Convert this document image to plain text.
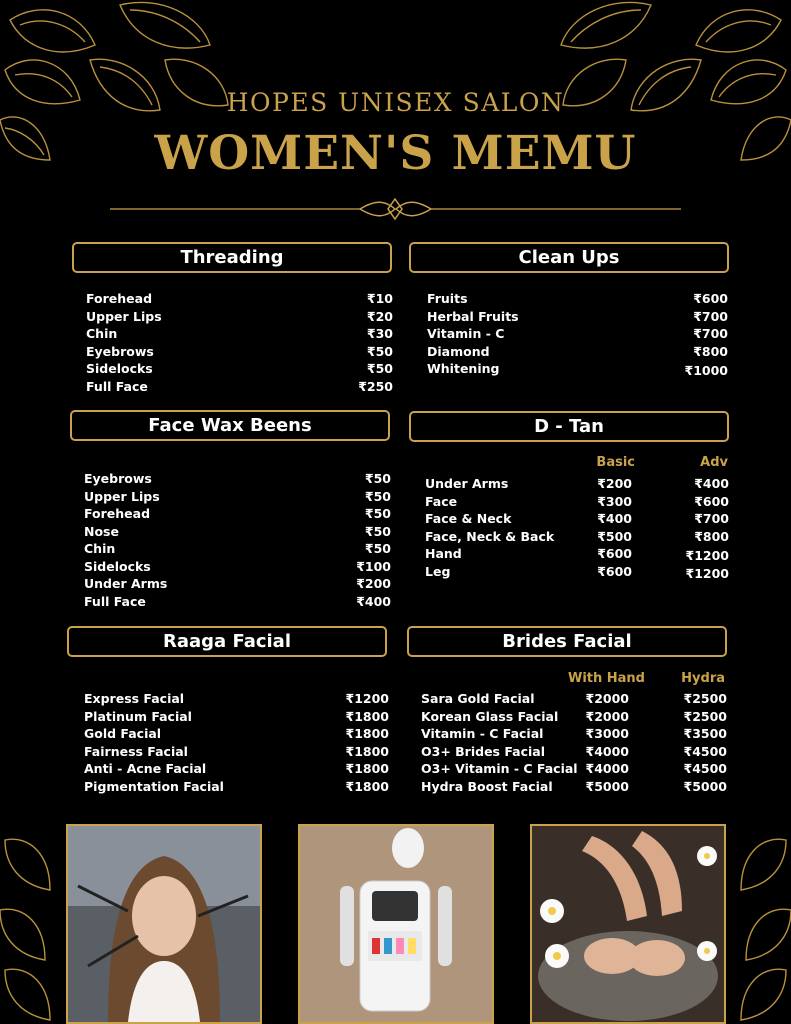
HOPES UNISEX SALON
WOMEN'S MEMU
Threading	Clean Ups
Face Wax Beens	D - Tan
Raaga Facial	Brides Facial
Forehead	₹10
Upper Lips	₹20
Chin	₹30
Eyebrows	₹50
Sidelocks	₹50
Full Face	₹250
Fruits	₹600
Herbal Fruits	₹700
Vitamin - C	₹700
Diamond	₹800
Whitening	₹1000
Eyebrows	₹50
Upper Lips	₹50
Forehead	₹50
Nose	₹50
Chin	₹50
Sidelocks	₹100
Under Arms	₹200
Full Face	₹400
Basic	Adv
Under Arms	₹200	₹400
Face	₹300	₹600
Face & Neck	₹400	₹700
Face, Neck & Back	₹500	₹800
Hand	₹600	₹1200
Leg	₹600	₹1200
Express Facial	₹1200
Platinum Facial	₹1800
Gold Facial	₹1800
Fairness Facial	₹1800
Anti - Acne Facial	₹1800
Pigmentation Facial	₹1800
With Hand	Hydra
Sara Gold Facial	₹2000	₹2500
Korean Glass Facial ₹2000	₹2500
Vitamin - C Facial	₹3000	₹3500
O3+ Brides Facial	₹4000	₹4500
O3+ Vitamin - C Facial ₹4000	₹4500
Hydra Boost Facial	₹5000	₹5000
